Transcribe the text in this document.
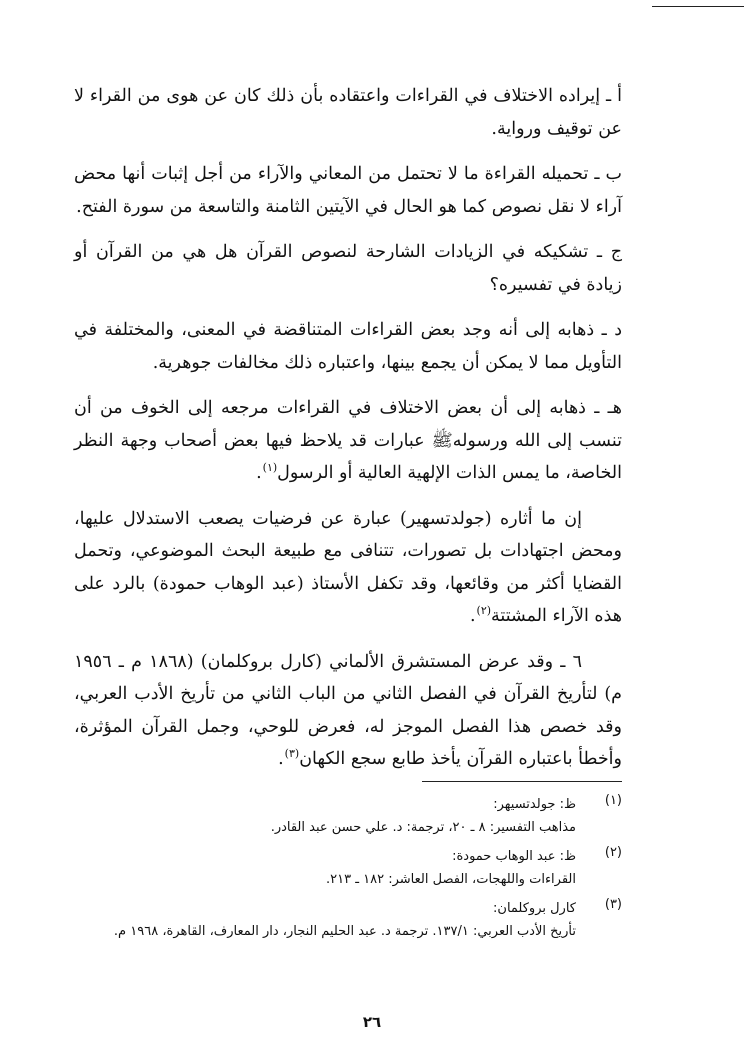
أ ـ إيراده الاختلاف في القراءات واعتقاده بأن ذلك كان عن هوى من القراء لا عن توقيف ورواية.

ب ـ تحميله القراءة ما لا تحتمل من المعاني والآراء من أجل إثبات أنها محض آراء لا نقل نصوص كما هو الحال في الآيتين الثامنة والتاسعة من سورة الفتح.

ج ـ تشكيكه في الزيادات الشارحة لنصوص القرآن هل هي من القرآن أو زيادة في تفسيره؟

د ـ ذهابه إلى أنه وجد بعض القراءات المتناقضة في المعنى، والمختلفة في التأويل مما لا يمكن أن يجمع بينها، واعتباره ذلك مخالفات جوهرية.

هـ ـ ذهابه إلى أن بعض الاختلاف في القراءات مرجعه إلى الخوف من أن تنسب إلى الله ورسولهﷺ عبارات قد يلاحظ فيها بعض أصحاب وجهة النظر الخاصة، ما يمس الذات الإلهية العالية أو الرسول$^{(١)}$.

إن ما أثاره (جولدتسهير) عبارة عن فرضيات يصعب الاستدلال عليها، ومحض اجتهادات بل تصورات، تتنافى مع طبيعة البحث الموضوعي، وتحمل القضايا أكثر من وقائعها، وقد تكفل الأستاذ (عبد الوهاب حمودة) بالرد على هذه الآراء المشتتة$^{(٢)}$.

٦ ـ وقد عرض المستشرق الألماني (كارل بروكلمان) (١٨٦٨ م ـ ١٩٥٦ م) لتأريخ القرآن في الفصل الثاني من الباب الثاني من تأريخ الأدب العربي، وقد خصص هذا الفصل الموجز له، فعرض للوحي، وجمل القرآن المؤثرة، وأخطأ باعتباره القرآن يأخذ طابع سجع الكهان$^{(٣)}$.

(١)
ظ: جولدتسيهر:
مذاهب التفسير: ٨ ـ ٢٠، ترجمة: د. علي حسن عبد القادر.
(٢)
ظ: عبد الوهاب حمودة:
القراءات واللهجات، الفصل العاشر: ١٨٢ ـ ٢١٣.
(٣)
كارل بروكلمان:
تأريخ الأدب العربي: ١٣٧/١. ترجمة د. عبد الحليم النجار، دار المعارف، القاهرة، ١٩٦٨ م.
٢٦
